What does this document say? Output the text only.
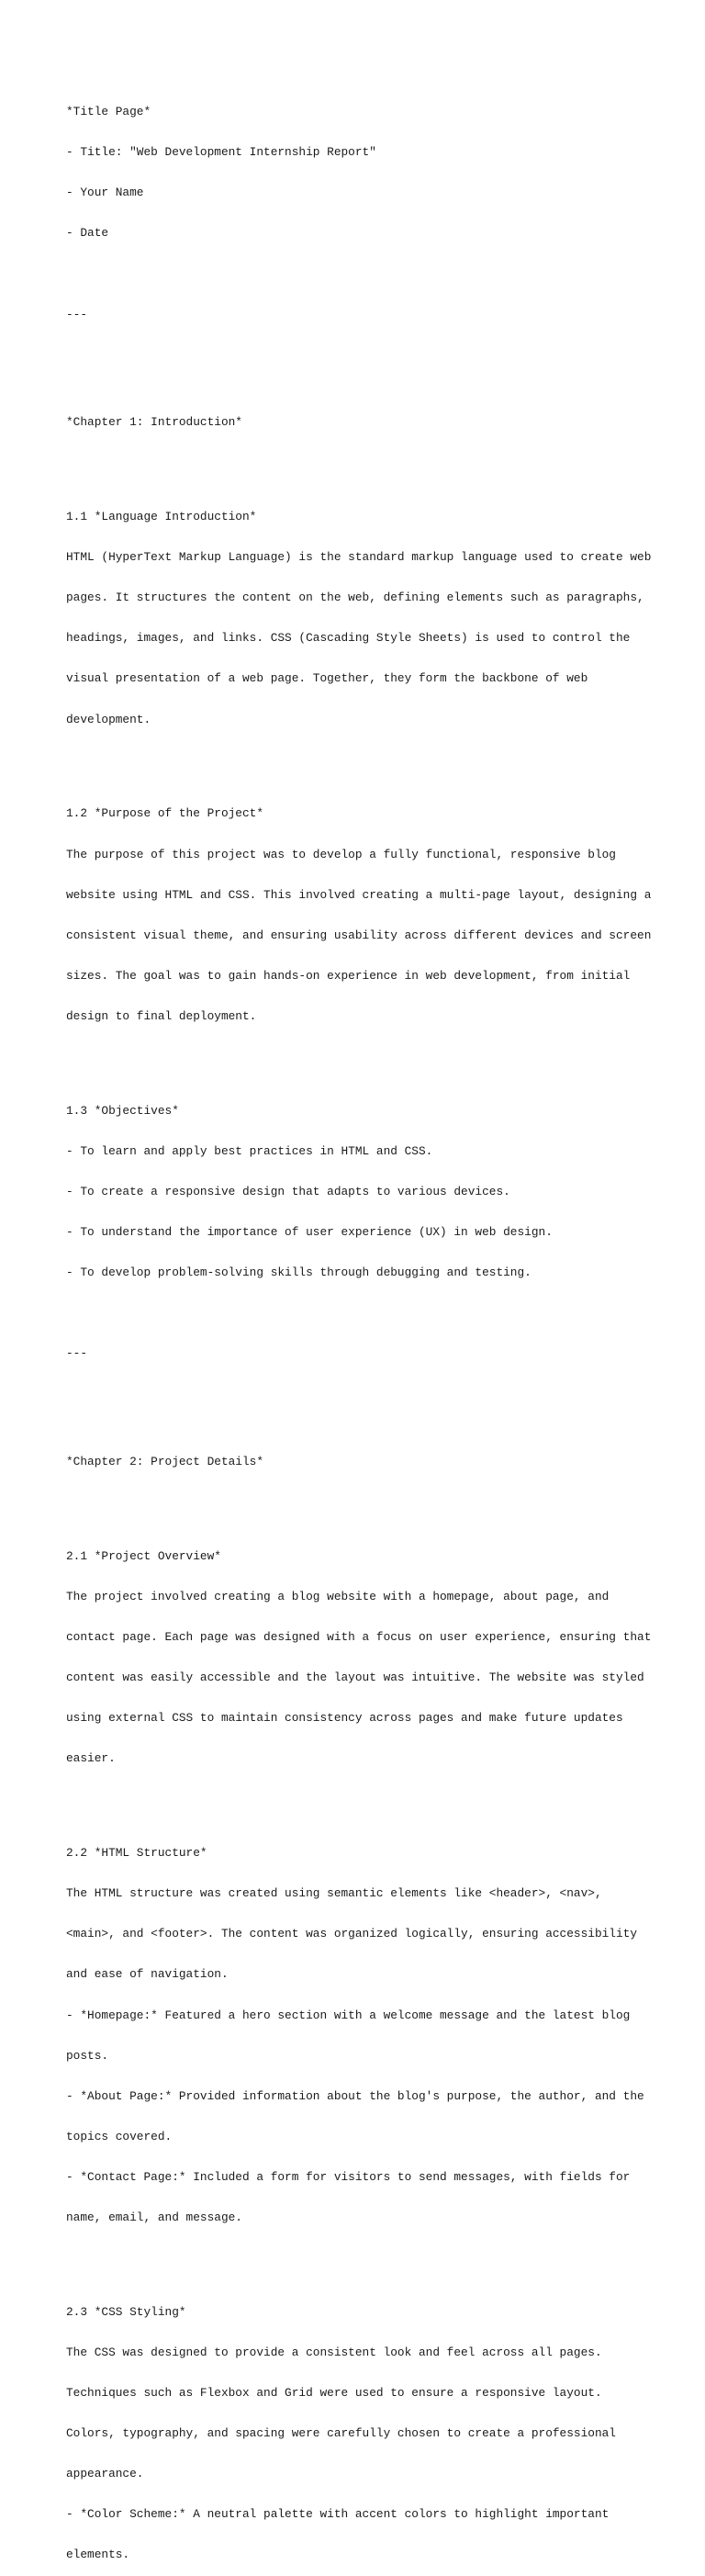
*Title Page*

- Title: "Web Development Internship Report"

- Your Name

- Date

---

*Chapter 1: Introduction*

1.1 *Language Introduction*

HTML (HyperText Markup Language) is the standard markup language used to create web

pages. It structures the content on the web, defining elements such as paragraphs,

headings, images, and links. CSS (Cascading Style Sheets) is used to control the

visual presentation of a web page. Together, they form the backbone of web

development.

1.2 *Purpose of the Project*

The purpose of this project was to develop a fully functional, responsive blog

website using HTML and CSS. This involved creating a multi-page layout, designing a

consistent visual theme, and ensuring usability across different devices and screen

sizes. The goal was to gain hands-on experience in web development, from initial

design to final deployment.

1.3 *Objectives*

- To learn and apply best practices in HTML and CSS.

- To create a responsive design that adapts to various devices.

- To understand the importance of user experience (UX) in web design.

- To develop problem-solving skills through debugging and testing.

---

*Chapter 2: Project Details*

2.1 *Project Overview*

The project involved creating a blog website with a homepage, about page, and

contact page. Each page was designed with a focus on user experience, ensuring that

content was easily accessible and the layout was intuitive. The website was styled

using external CSS to maintain consistency across pages and make future updates

easier.

2.2 *HTML Structure*

The HTML structure was created using semantic elements like <header>, <nav>,

<main>, and <footer>. The content was organized logically, ensuring accessibility

and ease of navigation.

- *Homepage:* Featured a hero section with a welcome message and the latest blog

posts.

- *About Page:* Provided information about the blog's purpose, the author, and the

topics covered.

- *Contact Page:* Included a form for visitors to send messages, with fields for

name, email, and message.

2.3 *CSS Styling*

The CSS was designed to provide a consistent look and feel across all pages.

Techniques such as Flexbox and Grid were used to ensure a responsive layout.

Colors, typography, and spacing were carefully chosen to create a professional

appearance.

- *Color Scheme:* A neutral palette with accent colors to highlight important

elements.
